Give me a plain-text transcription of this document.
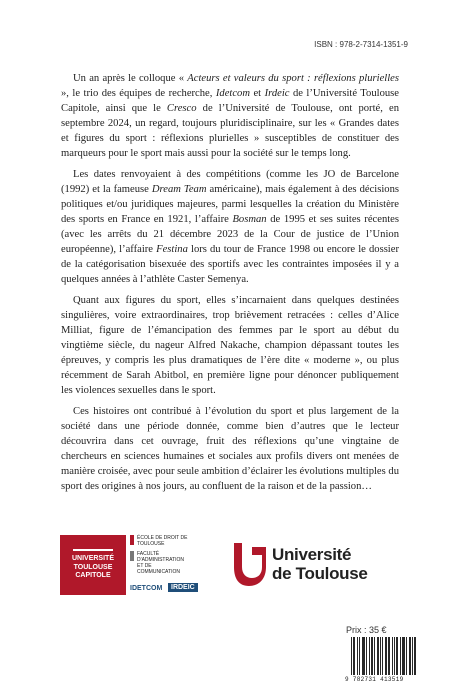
ISBN : 978-2-7314-1351-9

Un an après le colloque « Acteurs et valeurs du sport : réflexions plurielles », le trio des équipes de recherche, Idetcom et Irdeic de l’Université Toulouse Capitole, ainsi que le Cresco de l’Université de Toulouse, ont porté, en septembre 2024, un regard, toujours pluridisciplinaire, sur les « Grandes dates et figures du sport : réflexions plurielles » susceptibles de constituer des marqueurs pour le sport mais aussi pour la société sur le temps long.

Les dates renvoyaient à des compétitions (comme les JO de Barcelone (1992) et la fameuse Dream Team américaine), mais également à des décisions politiques et/ou juridiques majeures, parmi lesquelles la création du Ministère des sports en France en 1921, l’affaire Bosman de 1995 et ses suites récentes (avec les arrêts du 21 décembre 2023 de la Cour de justice de l’Union européenne), l’affaire Festina lors du tour de France 1998 ou encore le dossier de la catégorisation bisexuée des sportifs avec les contraintes imposées il y a quelques années à l’athlète Caster Semenya.

Quant aux figures du sport, elles s’incarnaient dans quelques destinées singulières, voire extraordinaires, trop brièvement retracées : celles d’Alice Milliat, figure de l’émancipation des femmes par le sport au début du vingtième siècle, du nageur Alfred Nakache, champion dépassant toutes les épreuves, y compris les plus dramatiques de l’ère dite « moderne », ou plus récemment de Sarah Abitbol, en première ligne pour dénoncer publiquement les violences sexuelles dans le sport.

Ces histoires ont contribué à l’évolution du sport et plus largement de la société dans une période donnée, comme bien d’autres que le lecteur découvrira dans cet ouvrage, fruit des réflexions qu’une vingtaine de chercheurs en sciences humaines et sociales aux profils divers ont menées de manière croisée, avec pour seule ambition d’éclairer les évolutions multiples du sport des origines à nos jours, au confluent de la raison et de la passion…

UNIVERSITÉ
TOULOUSE
CAPITOLE
ÉCOLE DE DROIT DE TOULOUSE
FACULTÉ D'ADMINISTRATION ET DE COMMUNICATION
IDETCOM	IRDEIC
Université
de Toulouse
Prix : 35 €
9 782731 413519
